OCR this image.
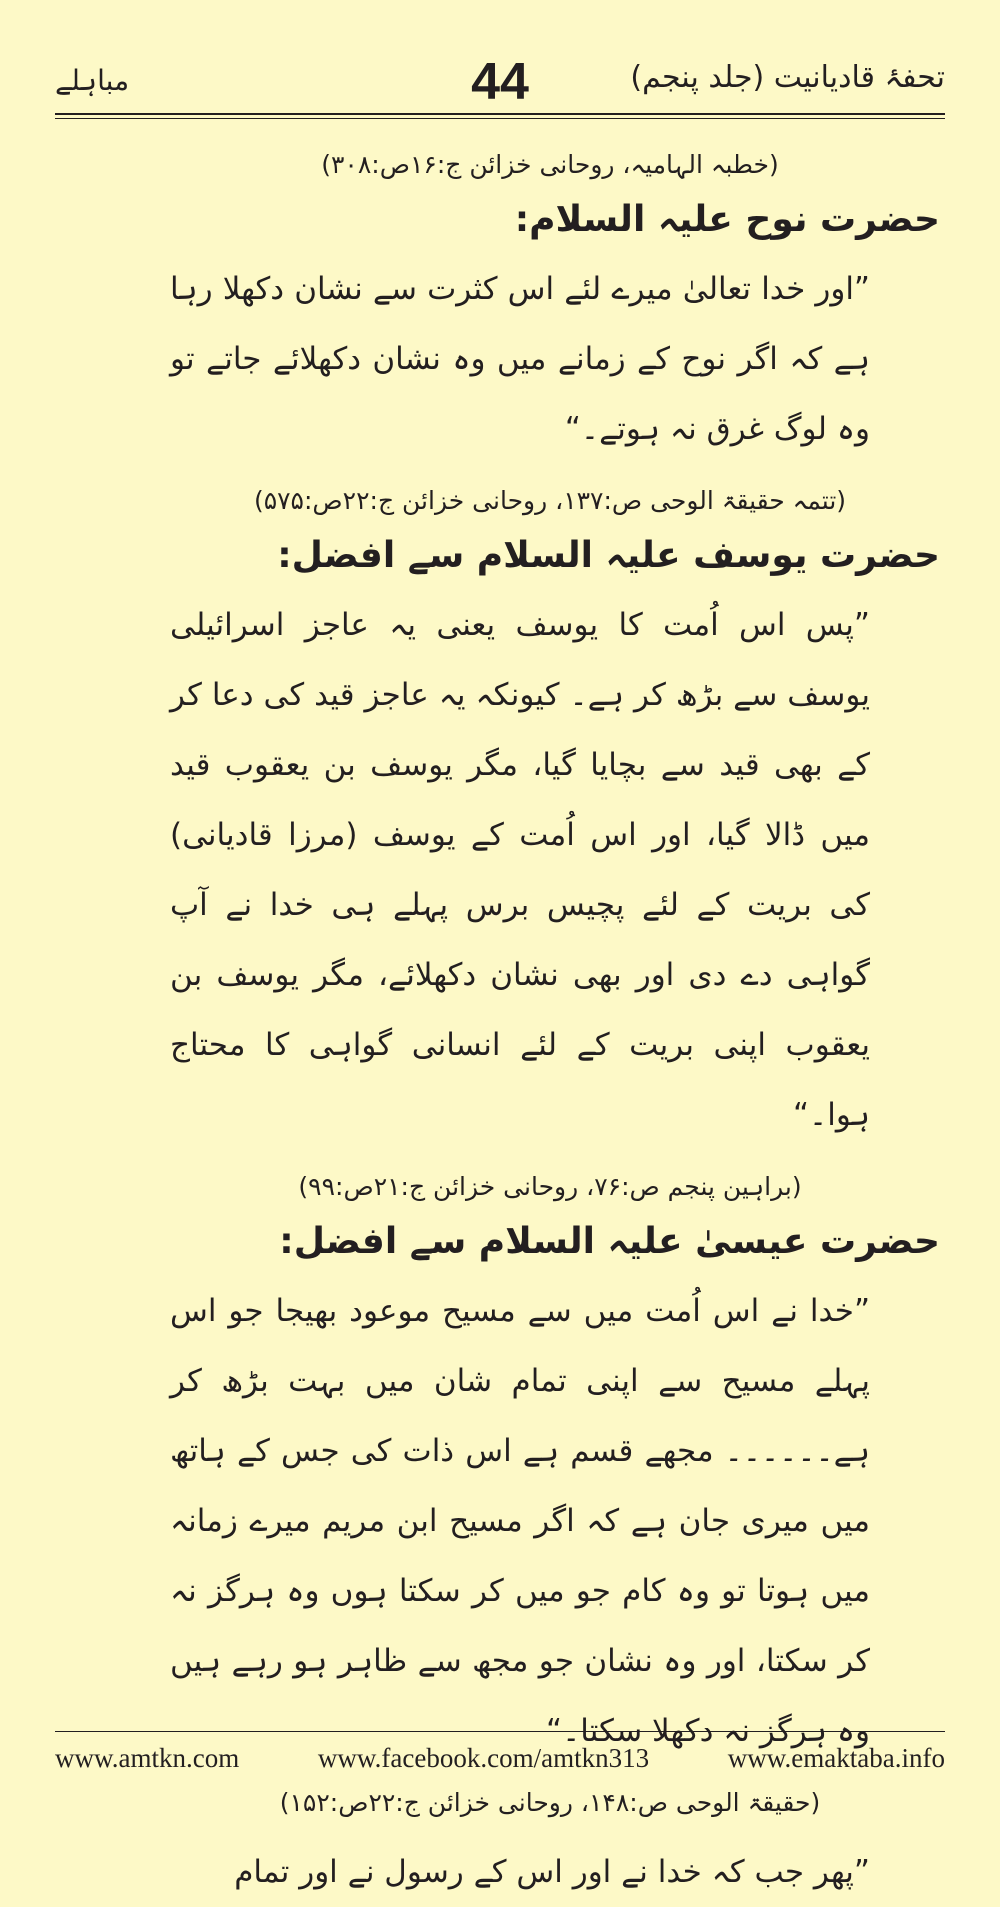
مباہلے	44	تحفۂ قادیانیت (جلد پنجم)
(خطبہ الہامیہ، روحانی خزائن ج:۱۶ص:۳۰۸)
حضرت نوح علیہ السلام:
”اور خدا تعالیٰ میرے لئے اس کثرت سے نشان دکھلا رہا ہے کہ اگر نوح کے زمانے میں وہ نشان دکھلائے جاتے تو وہ لوگ غرق نہ ہوتے۔“
(تتمہ حقیقۃ الوحی ص:۱۳۷، روحانی خزائن ج:۲۲ص:۵۷۵)
حضرت یوسف علیہ السلام سے افضل:
”پس اس اُمت کا یوسف یعنی یہ عاجز اسرائیلی یوسف سے بڑھ کر ہے۔ کیونکہ یہ عاجز قید کی دعا کر کے بھی قید سے بچایا گیا، مگر یوسف بن یعقوب قید میں ڈالا گیا، اور اس اُمت کے یوسف (مرزا قادیانی) کی بریت کے لئے پچیس برس پہلے ہی خدا نے آپ گواہی دے دی اور بھی نشان دکھلائے، مگر یوسف بن یعقوب اپنی بریت کے لئے انسانی گواہی کا محتاج ہوا۔“
(براہین پنجم ص:۷۶، روحانی خزائن ج:۲۱ص:۹۹)
حضرت عیسیٰ علیہ السلام سے افضل:
”خدا نے اس اُمت میں سے مسیح موعود بھیجا جو اس پہلے مسیح سے اپنی تمام شان میں بہت بڑھ کر ہے۔۔۔۔۔۔ مجھے قسم ہے اس ذات کی جس کے ہاتھ میں میری جان ہے کہ اگر مسیح ابن مریم میرے زمانہ میں ہوتا تو وہ کام جو میں کر سکتا ہوں وہ ہرگز نہ کر سکتا، اور وہ نشان جو مجھ سے ظاہر ہو رہے ہیں وہ ہرگز نہ دکھلا سکتا۔“
(حقیقۃ الوحی ص:۱۴۸، روحانی خزائن ج:۲۲ص:۱۵۲)
”پھر جب کہ خدا نے اور اس کے رسول نے اور تمام
www.amtkn.com	www.facebook.com/amtkn313	www.emaktaba.info
